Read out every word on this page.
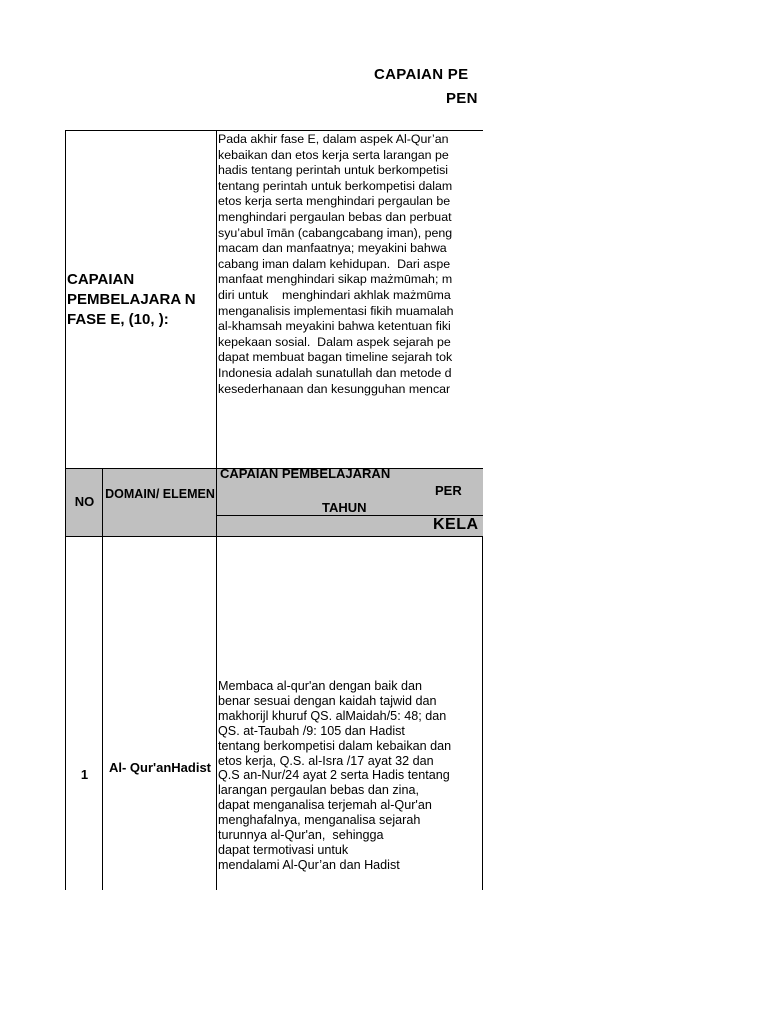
CAPAIAN PE
PEN
CAPAIAN PEMBELAJARA N FASE E, (10, ):
Pada akhir fase E, dalam aspek Al-Qur’an
kebaikan dan etos kerja serta larangan pe
hadis tentang perintah untuk berkompetisi
tentang perintah untuk berkompetisi dalam
etos kerja serta menghindari pergaulan be
menghindari pergaulan bebas dan perbuat
syu’abul īmān (cabangcabang iman), peng
macam dan manfaatnya; meyakini bahwa
cabang iman dalam kehidupan.  Dari aspe
manfaat menghindari sikap mażmūmah; m
diri untuk    menghindari akhlak mażmūma
menganalisis implementasi fikih muamalah
al-khamsah meyakini bahwa ketentuan fiki
kepekaan sosial.  Dalam aspek sejarah pe
dapat membuat bagan timeline sejarah tok
Indonesia adalah sunatullah dan metode d
kesederhanaan dan kesungguhan mencar
NO DOMAIN/ ELEMEN
CAPAIAN PEMBELAJARAN
PER
TAHUN
KELA
1	Al- Qur'anHadist
Membaca al-qur'an dengan baik dan
benar sesuai dengan kaidah tajwid dan
makhorijl khuruf QS. alMaidah/5: 48; dan
QS. at-Taubah /9: 105 dan Hadist
tentang berkompetisi dalam kebaikan dan
etos kerja, Q.S. al-Isra /17 ayat 32 dan
Q.S an-Nur/24 ayat 2 serta Hadis tentang
larangan pergaulan bebas dan zina,
dapat menganalisa terjemah al-Qur'an
menghafalnya, menganalisa sejarah
turunnya al-Qur'an,  sehingga
dapat termotivasi untuk
mendalami Al-Qur’an dan Hadist
